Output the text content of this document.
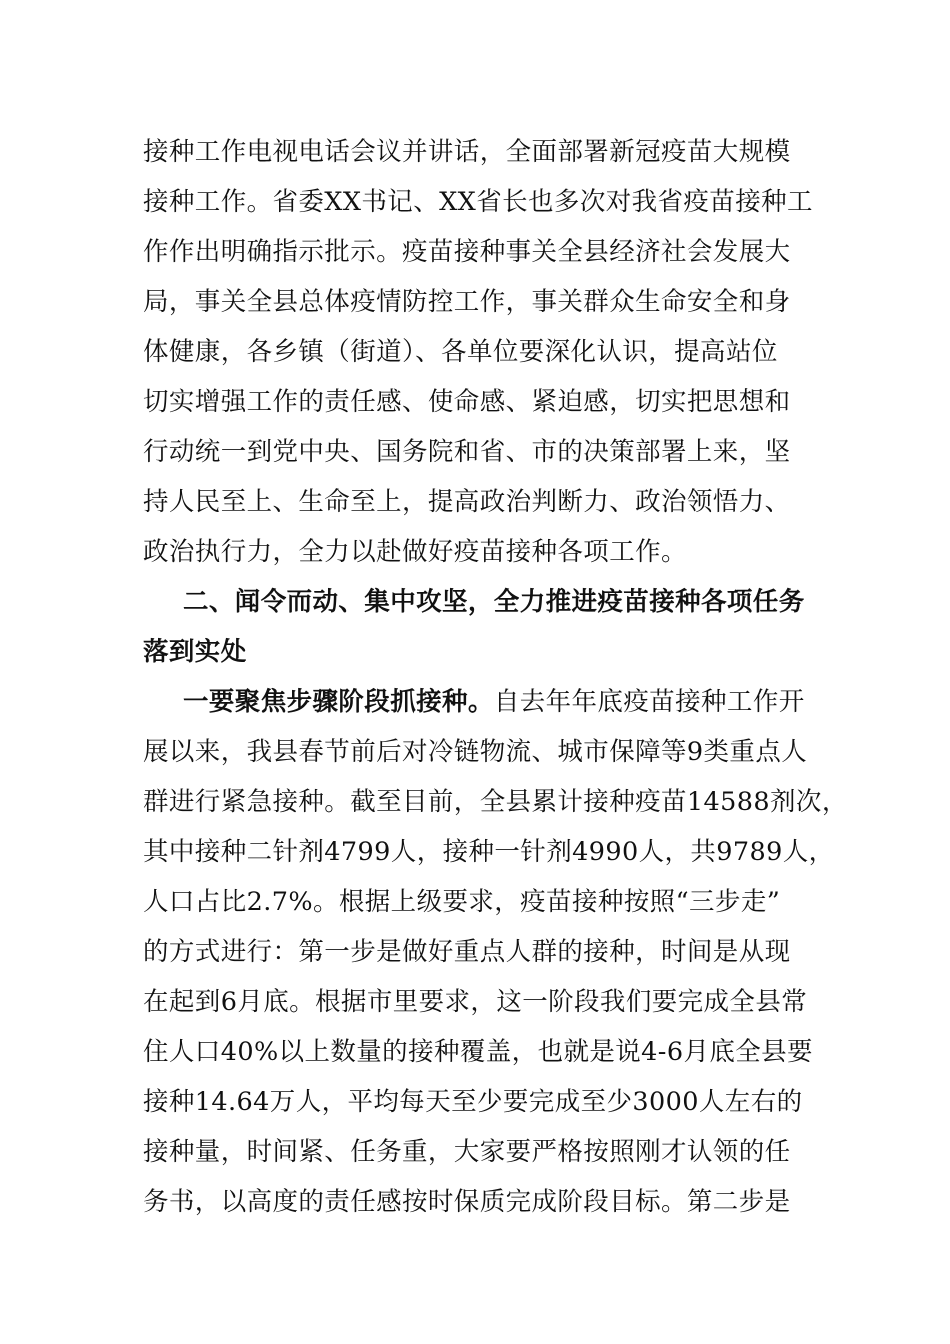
接种工作电视电话会议并讲话，全面部署新冠疫苗大规模
接种工作。省委XX书记、XX省长也多次对我省疫苗接种工
作作出明确指示批示。疫苗接种事关全县经济社会发展大
局，事关全县总体疫情防控工作，事关群众生命安全和身
体健康，各乡镇（街道）、各单位要深化认识，提高站位
切实增强工作的责任感、使命感、紧迫感，切实把思想和
行动统一到党中央、国务院和省、市的决策部署上来，坚
持人民至上、生命至上，提高政治判断力、政治领悟力、
政治执行力，全力以赴做好疫苗接种各项工作。
二、闻令而动、集中攻坚，全力推进疫苗接种各项任务
落到实处
一要聚焦步骤阶段抓接种。自去年年底疫苗接种工作开
展以来，我县春节前后对冷链物流、城市保障等9类重点人
群进行紧急接种。截至目前，全县累计接种疫苗14588剂次，
其中接种二针剂4799人，接种一针剂4990人，共9789人，
人口占比2.7%。根据上级要求，疫苗接种按照“三步走”
的方式进行：第一步是做好重点人群的接种，时间是从现
在起到6月底。根据市里要求，这一阶段我们要完成全县常
住人口40%以上数量的接种覆盖，也就是说4-6月底全县要
接种14.64万人，平均每天至少要完成至少3000人左右的
接种量，时间紧、任务重，大家要严格按照刚才认领的任
务书，以高度的责任感按时保质完成阶段目标。第二步是
